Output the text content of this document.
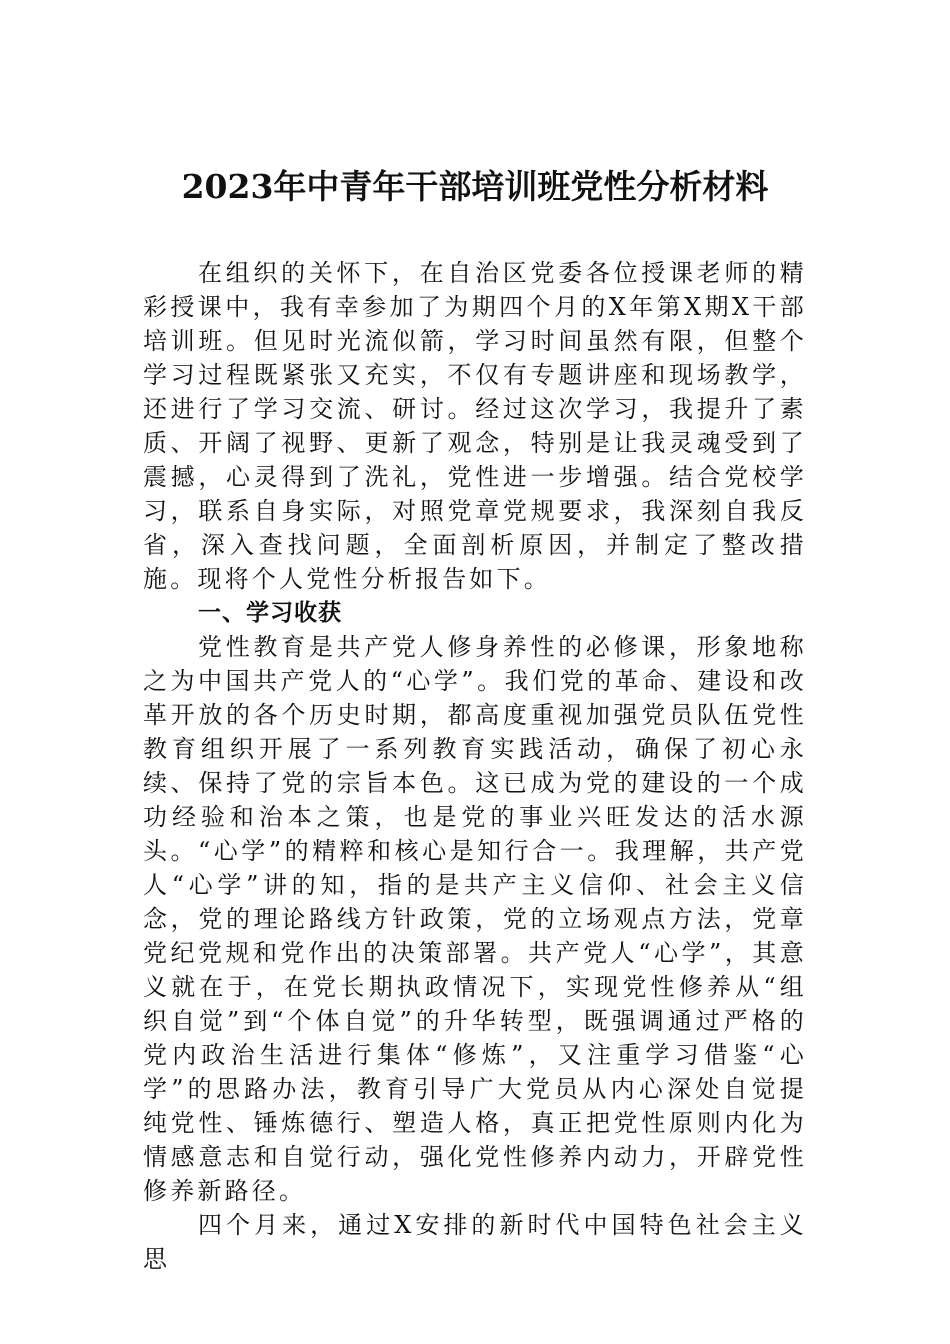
2023年中青年干部培训班党性分析材料

在组织的关怀下，在自治区党委各位授课老师的精彩授课中，我有幸参加了为期四个月的X年第X期X干部培训班。但见时光流似箭，学习时间虽然有限，但整个学习过程既紧张又充实，不仅有专题讲座和现场教学，还进行了学习交流、研讨。经过这次学习，我提升了素质、开阔了视野、更新了观念，特别是让我灵魂受到了震撼，心灵得到了洗礼，党性进一步增强。结合党校学习，联系自身实际，对照党章党规要求，我深刻自我反省，深入查找问题，全面剖析原因，并制定了整改措施。现将个人党性分析报告如下。

一、学习收获

党性教育是共产党人修身养性的必修课，形象地称之为中国共产党人的“心学”。我们党的革命、建设和改革开放的各个历史时期，都高度重视加强党员队伍党性教育组织开展了一系列教育实践活动，确保了初心永续、保持了党的宗旨本色。这已成为党的建设的一个成功经验和治本之策，也是党的事业兴旺发达的活水源头。“心学”的精粹和核心是知行合一。我理解，共产党人“心学”讲的知，指的是共产主义信仰、社会主义信念，党的理论路线方针政策，党的立场观点方法，党章党纪党规和党作出的决策部署。共产党人“心学”，其意义就在于，在党长期执政情况下，实现党性修养从“组织自觉”到“个体自觉”的升华转型，既强调通过严格的党内政治生活进行集体“修炼”，又注重学习借鉴“心学”的思路办法，教育引导广大党员从内心深处自觉提纯党性、锤炼德行、塑造人格，真正把党性原则内化为情感意志和自觉行动，强化党性修养内动力，开辟党性修养新路径。

四个月来，通过X安排的新时代中国特色社会主义思
